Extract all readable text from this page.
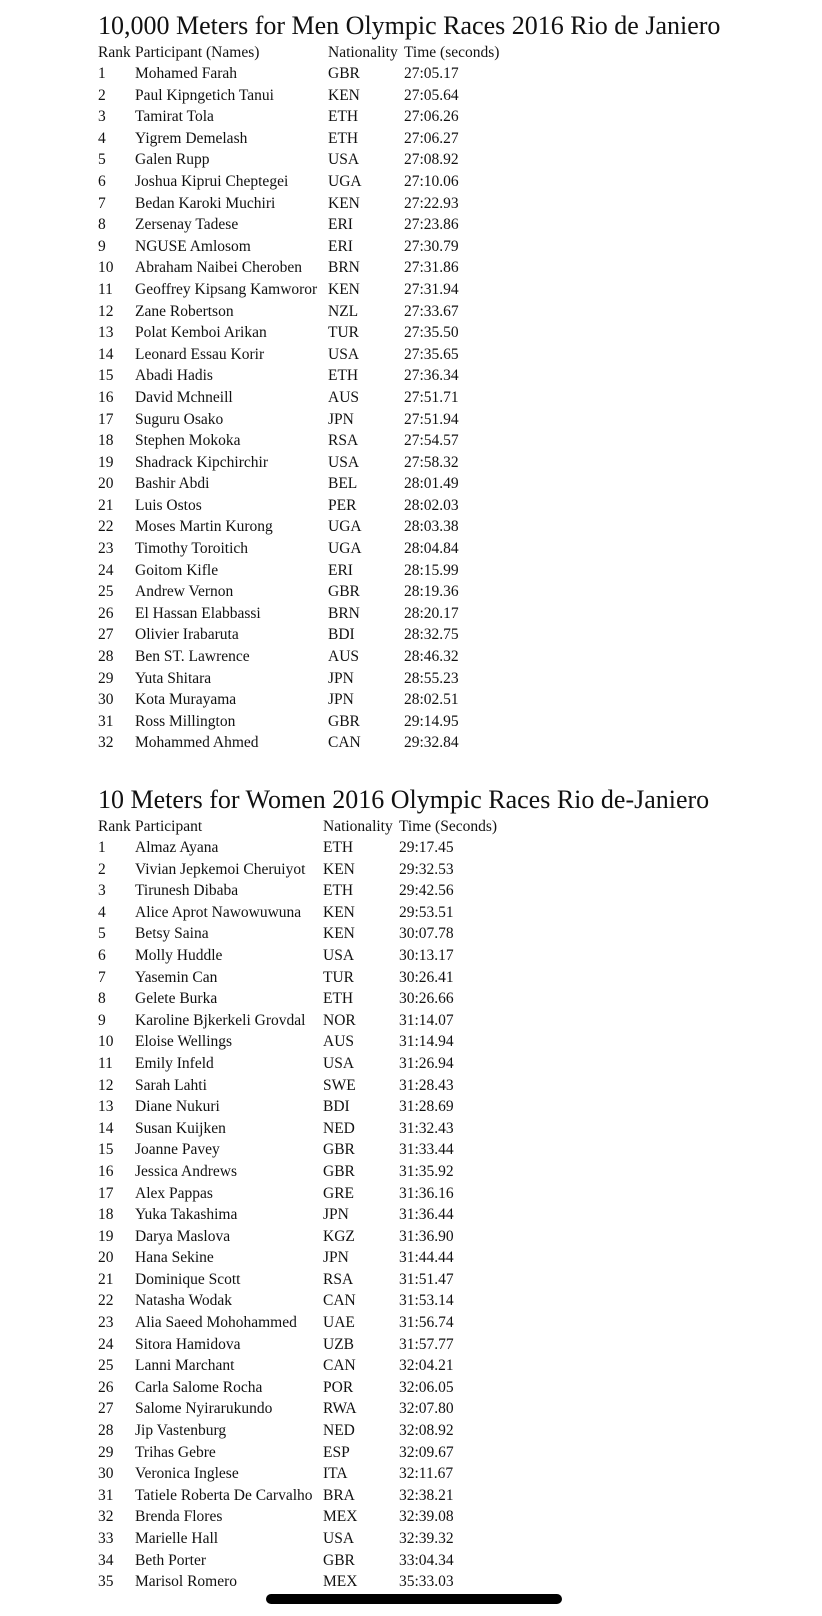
10,000 Meters for Men Olympic Races 2016 Rio de Janiero
Rank	Participant (Names)	Nationality	Time (seconds)
1	Mohamed Farah	GBR	27:05.17
2	Paul Kipngetich Tanui	KEN	27:05.64
3	Tamirat Tola	ETH	27:06.26
4	Yigrem Demelash	ETH	27:06.27
5	Galen Rupp	USA	27:08.92
6	Joshua Kiprui Cheptegei	UGA	27:10.06
7	Bedan Karoki Muchiri	KEN	27:22.93
8	Zersenay Tadese	ERI	27:23.86
9	NGUSE Amlosom	ERI	27:30.79
10	Abraham Naibei Cheroben	BRN	27:31.86
11	Geoffrey Kipsang Kamworor	KEN	27:31.94
12	Zane Robertson	NZL	27:33.67
13	Polat Kemboi Arikan	TUR	27:35.50
14	Leonard Essau Korir	USA	27:35.65
15	Abadi Hadis	ETH	27:36.34
16	David Mchneill	AUS	27:51.71
17	Suguru Osako	JPN	27:51.94
18	Stephen Mokoka	RSA	27:54.57
19	Shadrack Kipchirchir	USA	27:58.32
20	Bashir Abdi	BEL	28:01.49
21	Luis Ostos	PER	28:02.03
22	Moses Martin Kurong	UGA	28:03.38
23	Timothy Toroitich	UGA	28:04.84
24	Goitom Kifle	ERI	28:15.99
25	Andrew Vernon	GBR	28:19.36
26	El Hassan Elabbassi	BRN	28:20.17
27	Olivier Irabaruta	BDI	28:32.75
28	Ben ST. Lawrence	AUS	28:46.32
29	Yuta Shitara	JPN	28:55.23
30	Kota Murayama	JPN	28:02.51
31	Ross Millington	GBR	29:14.95
32	Mohammed Ahmed	CAN	29:32.84
10 Meters for Women 2016 Olympic Races Rio de-Janiero
Rank	Participant	Nationality	Time (Seconds)
1	Almaz Ayana	ETH	29:17.45
2	Vivian Jepkemoi Cheruiyot	KEN	29:32.53
3	Tirunesh Dibaba	ETH	29:42.56
4	Alice Aprot Nawowuwuna	KEN	29:53.51
5	Betsy Saina	KEN	30:07.78
6	Molly Huddle	USA	30:13.17
7	Yasemin Can	TUR	30:26.41
8	Gelete Burka	ETH	30:26.66
9	Karoline Bjkerkeli Grovdal	NOR	31:14.07
10	Eloise Wellings	AUS	31:14.94
11	Emily Infeld	USA	31:26.94
12	Sarah Lahti	SWE	31:28.43
13	Diane Nukuri	BDI	31:28.69
14	Susan Kuijken	NED	31:32.43
15	Joanne Pavey	GBR	31:33.44
16	Jessica Andrews	GBR	31:35.92
17	Alex Pappas	GRE	31:36.16
18	Yuka Takashima	JPN	31:36.44
19	Darya Maslova	KGZ	31:36.90
20	Hana Sekine	JPN	31:44.44
21	Dominique Scott	RSA	31:51.47
22	Natasha Wodak	CAN	31:53.14
23	Alia Saeed Mohohammed	UAE	31:56.74
24	Sitora Hamidova	UZB	31:57.77
25	Lanni Marchant	CAN	32:04.21
26	Carla Salome Rocha	POR	32:06.05
27	Salome Nyirarukundo	RWA	32:07.80
28	Jip Vastenburg	NED	32:08.92
29	Trihas Gebre	ESP	32:09.67
30	Veronica Inglese	ITA	32:11.67
31	Tatiele Roberta De Carvalho	BRA	32:38.21
32	Brenda Flores	MEX	32:39.08
33	Marielle Hall	USA	32:39.32
34	Beth Porter	GBR	33:04.34
35	Marisol Romero	MEX	35:33.03
